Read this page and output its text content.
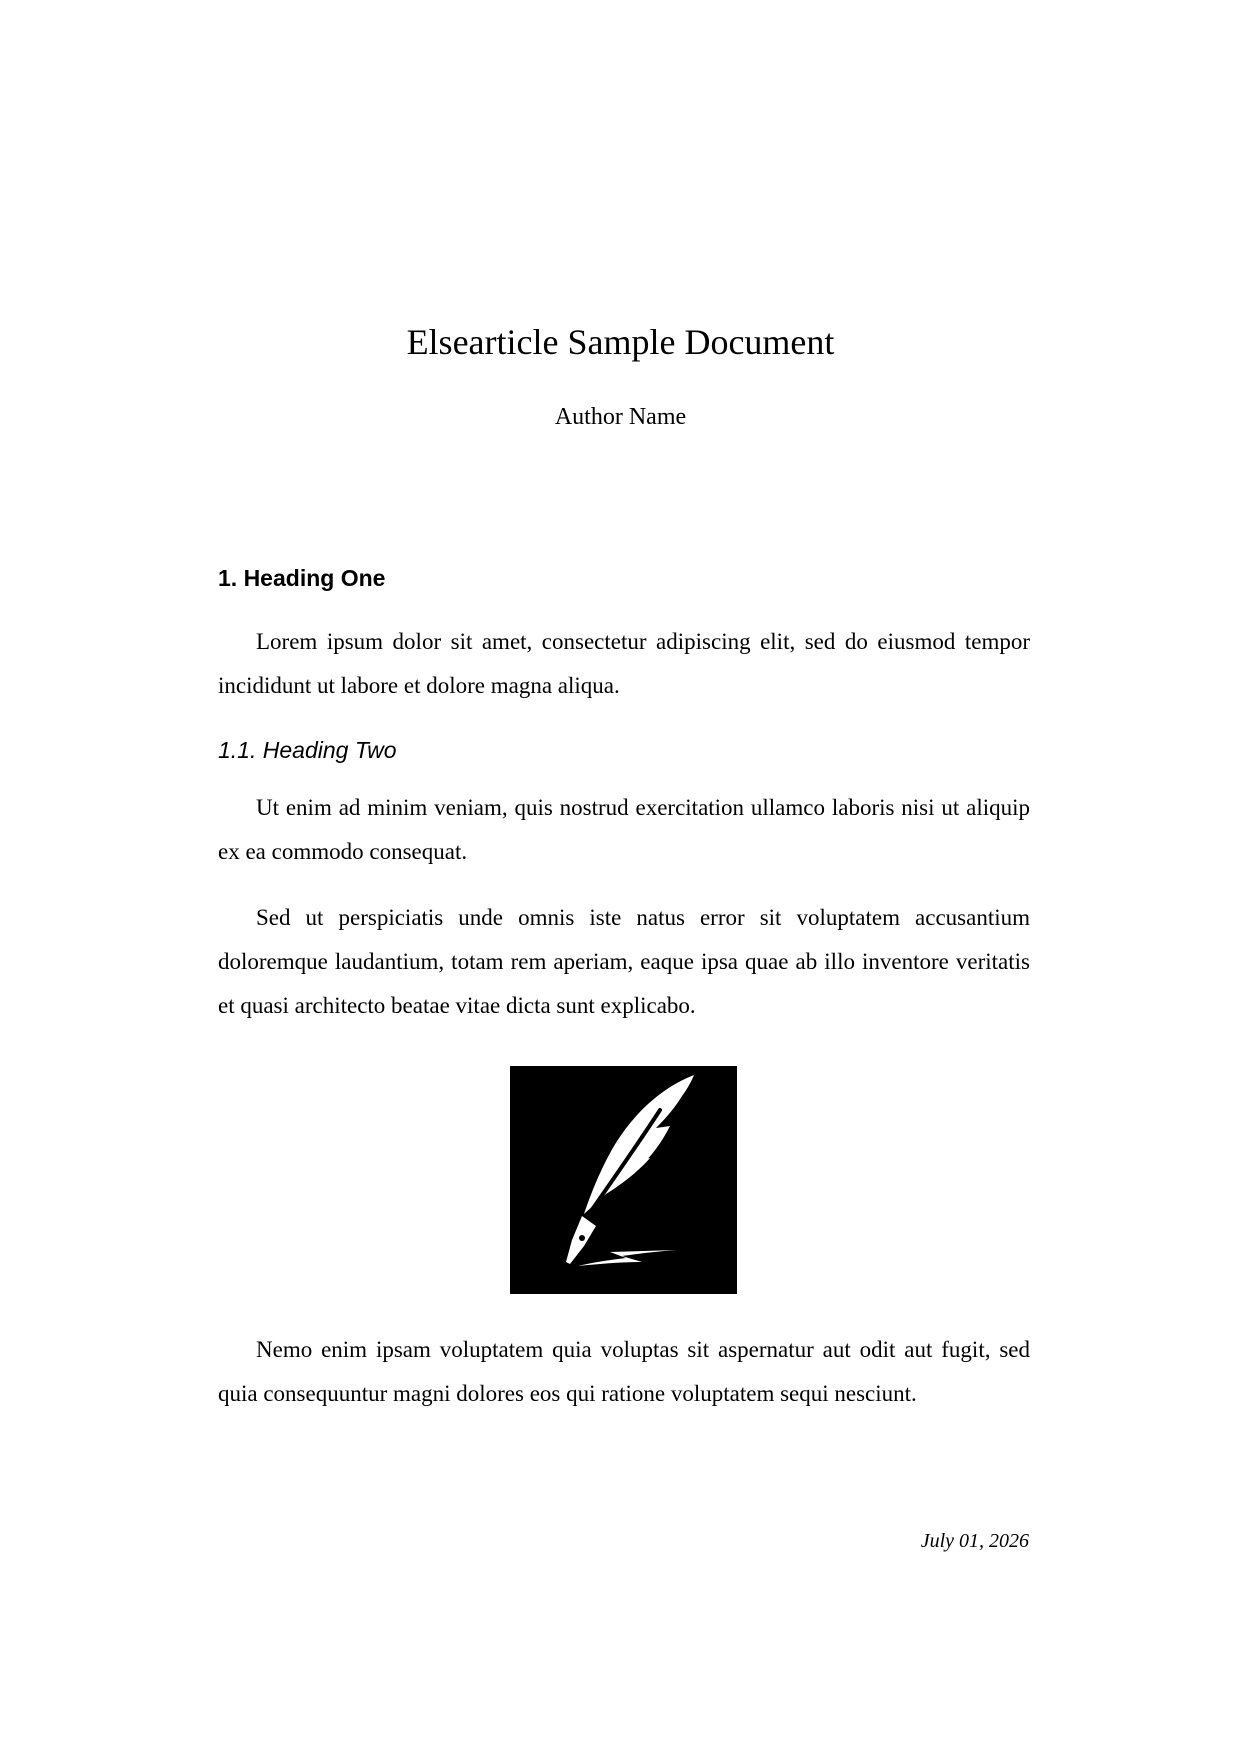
Elsearticle Sample Document
Author Name
1. Heading One

Lorem ipsum dolor sit amet, consectetur adipiscing elit, sed do eiusmod tempor incididunt ut labore et dolore magna aliqua.

1.1. Heading Two

Ut enim ad minim veniam, quis nostrud exercitation ullamco laboris nisi ut aliquip ex ea commodo consequat.

Sed ut perspiciatis unde omnis iste natus error sit voluptatem accusantium doloremque laudantium, totam rem aperiam, eaque ipsa quae ab illo inventore veritatis et quasi architecto beatae vitae dicta sunt explicabo.

Nemo enim ipsam voluptatem quia voluptas sit aspernatur aut odit aut fugit, sed quia consequuntur magni dolores eos qui ratione voluptatem sequi nesciunt.

July 01, 2026
